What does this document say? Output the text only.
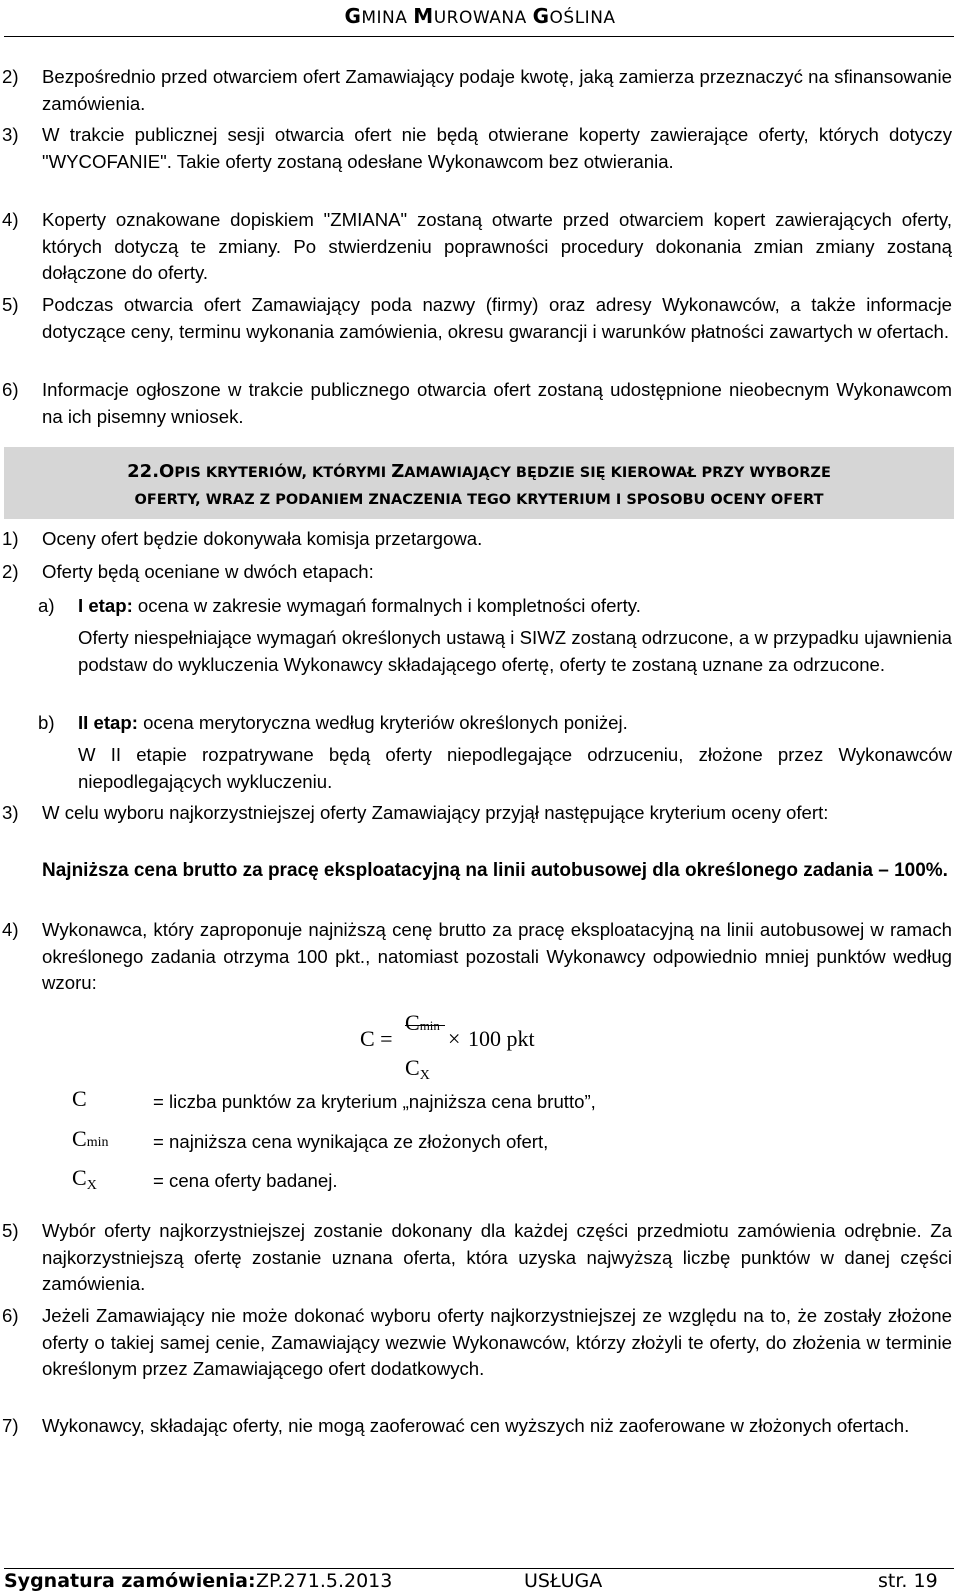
GMINA MUROWANA GOŚLINA
2) Bezpośrednio przed otwarciem ofert Zamawiający podaje kwotę, jaką zamierza przeznaczyć na sfinansowanie zamówienia.
3) W trakcie publicznej sesji otwarcia ofert nie będą otwierane koperty zawierające oferty, których dotyczy "WYCOFANIE". Takie oferty zostaną odesłane Wykonawcom bez otwierania.
4) Koperty oznakowane dopiskiem "ZMIANA" zostaną otwarte przed otwarciem kopert zawierających oferty, których dotyczą te zmiany. Po stwierdzeniu poprawności procedury dokonania zmian zmiany zostaną dołączone do oferty.
5) Podczas otwarcia ofert Zamawiający poda nazwy (firmy) oraz adresy Wykonawców, a także informacje dotyczące ceny, terminu wykonania zamówienia, okresu gwarancji i warunków płatności zawartych w ofertach.
6) Informacje ogłoszone w trakcie publicznego otwarcia ofert zostaną udostępnione nieobecnym Wykonawcom na ich pisemny wniosek.
22.OPIS KRYTERIÓW, KTÓRYMI ZAMAWIAJĄCY BĘDZIE SIĘ KIEROWAŁ PRZY WYBORZE
OFERTY, WRAZ Z PODANIEM ZNACZENIA TEGO KRYTERIUM I SPOSOBU OCENY OFERT
1) Oceny ofert będzie dokonywała komisja przetargowa.
2) Oferty będą oceniane w dwóch etapach:
a) I etap: ocena w zakresie wymagań formalnych i kompletności oferty.
Oferty niespełniające wymagań określonych ustawą i SIWZ zostaną odrzucone, a w przypadku ujawnienia podstaw do wykluczenia Wykonawcy składającego ofertę, oferty te zostaną uznane za odrzucone.
b) II etap: ocena merytoryczna według kryteriów określonych poniżej.
W II etapie rozpatrywane będą oferty niepodlegające odrzuceniu, złożone przez Wykonawców niepodlegających wykluczeniu.
3) W celu wyboru najkorzystniejszej oferty Zamawiający przyjął następujące kryterium oceny ofert:
Najniższa cena brutto za pracę eksploatacyjną na linii autobusowej dla określonego zadania – 100%.
4) Wykonawca, który zaproponuje najniższą cenę brutto za pracę eksploatacyjną na linii autobusowej w ramach określonego zadania otrzyma 100 pkt., natomiast pozostali Wykonawcy odpowiednio mniej punktów według wzoru:
C =
Cmin
CX
× 100 pkt
C	= liczba punktów za kryterium „najniższa cena brutto”,
Cmin = najniższa cena wynikająca ze złożonych ofert,
CX	= cena oferty badanej.
5) Wybór oferty najkorzystniejszej zostanie dokonany dla każdej części przedmiotu zamówienia odrębnie. Za najkorzystniejszą ofertę zostanie uznana oferta, która uzyska najwyższą liczbę punktów w danej części zamówienia.
6) Jeżeli Zamawiający nie może dokonać wyboru oferty najkorzystniejszej ze względu na to, że zostały złożone oferty o takiej samej cenie, Zamawiający wezwie Wykonawców, którzy złożyli te oferty, do złożenia w terminie określonym przez Zamawiającego ofert dodatkowych.
7) Wykonawcy, składając oferty, nie mogą zaoferować cen wyższych niż zaoferowane w złożonych ofertach.
Sygnatura zamówienia: ZP.271.5.2013	USŁUGA	str. 19
